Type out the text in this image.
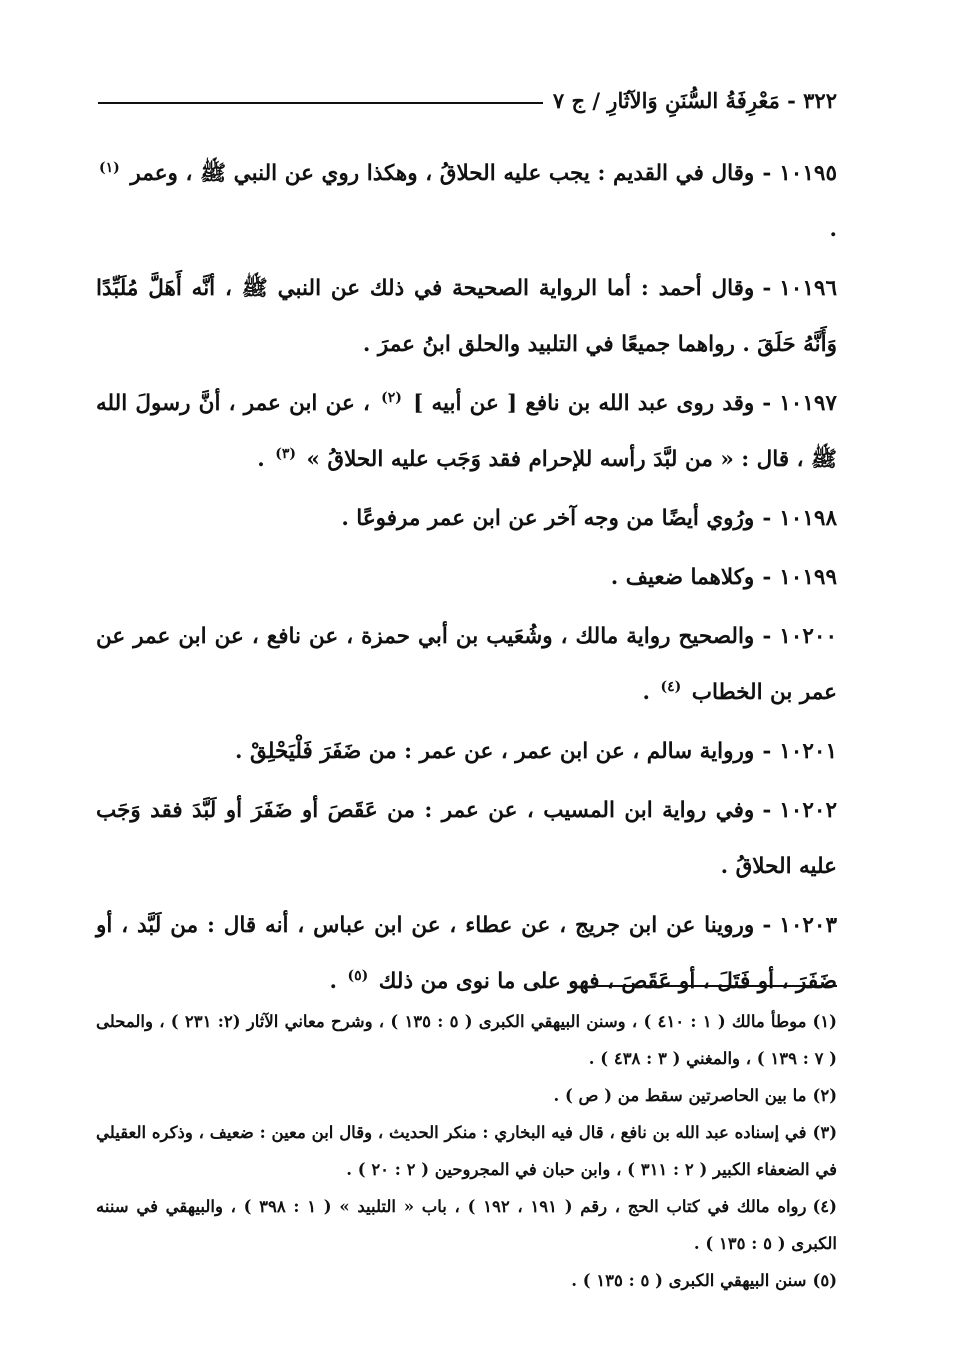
٣٢٢ - مَعْرِفَةُ السُّنَنِ وَالآثَارِ / ج ٧

١٠١٩٥-وقال في القديم : يجب عليه الحلاقُ ، وهكذا روي عن النبي ﷺ ، وعمر $^{(١)}$ .

١٠١٩٦-وقال أحمد : أما الرواية الصحيحة في ذلك عن النبي ﷺ ، أنَّه أَهَلَّ مُلَبِّدًا وَأَنَّهُ حَلَقَ . رواهما جميعًا في التلبيد والحلق ابنُ عمرَ .

١٠١٩٧-وقد روى عبد الله بن نافع [ عن أبيه ] $^{(٢)}$ ، عن ابن عمر ، أنَّ رسولَ الله ﷺ ، قال : « من لبَّدَ رأسه للإحرام فقد وَجَب عليه الحلاقُ » $^{(٣)}$ .

١٠١٩٨-ورُوي أيضًا من وجه آخر عن ابن عمر مرفوعًا .

١٠١٩٩-وكلاهما ضعيف .

١٠٢٠٠-والصحيح رواية مالك ، وشُعَيب بن أبي حمزة ، عن نافع ، عن ابن عمر عن عمر بن الخطاب $^{(٤)}$ .

١٠٢٠١-ورواية سالم ، عن ابن عمر ، عن عمر : من ضَفَرَ فَلْيَحْلِقْ .

١٠٢٠٢-وفي رواية ابن المسيب ، عن عمر : من عَقَصَ أو ضَفَرَ أو لَبَّدَ فقد وَجَب عليه الحلاقُ .

١٠٢٠٣-وروينا عن ابن جريج ، عن عطاء ، عن ابن عباس ، أنه قال : من لَبَّد ، أو ضَفَرَ ، أو فَتَلَ ، أو عَقَصَ ، فهو على ما نوى من ذلك $^{(٥)}$ .

(١)موطأ مالك ( ١ : ٤١٠ ) ، وسنن البيهقي الكبرى ( ٥ : ١٣٥ ) ، وشرح معاني الآثار (٢: ٢٣١ ) ، والمحلى ( ٧ : ١٣٩ ) ، والمغني ( ٣ : ٤٣٨ ) .

(٢)ما بين الحاصرتين سقط من ( ص ) .

(٣)في إسناده عبد الله بن نافع ، قال فيه البخاري : منكر الحديث ، وقال ابن معين : ضعيف ، وذكره العقيلي في الضعفاء الكبير ( ٢ : ٣١١ ) ، وابن حبان في المجروحين ( ٢ : ٢٠ ) .

(٤)رواه مالك في كتاب الحج ، رقم ( ١٩١ ، ١٩٢ ) ، باب « التلبيد » ( ١ : ٣٩٨ ) ، والبيهقي في سننه الكبرى ( ٥ : ١٣٥ ) .

(٥)سنن البيهقي الكبرى ( ٥ : ١٣٥ ) .
